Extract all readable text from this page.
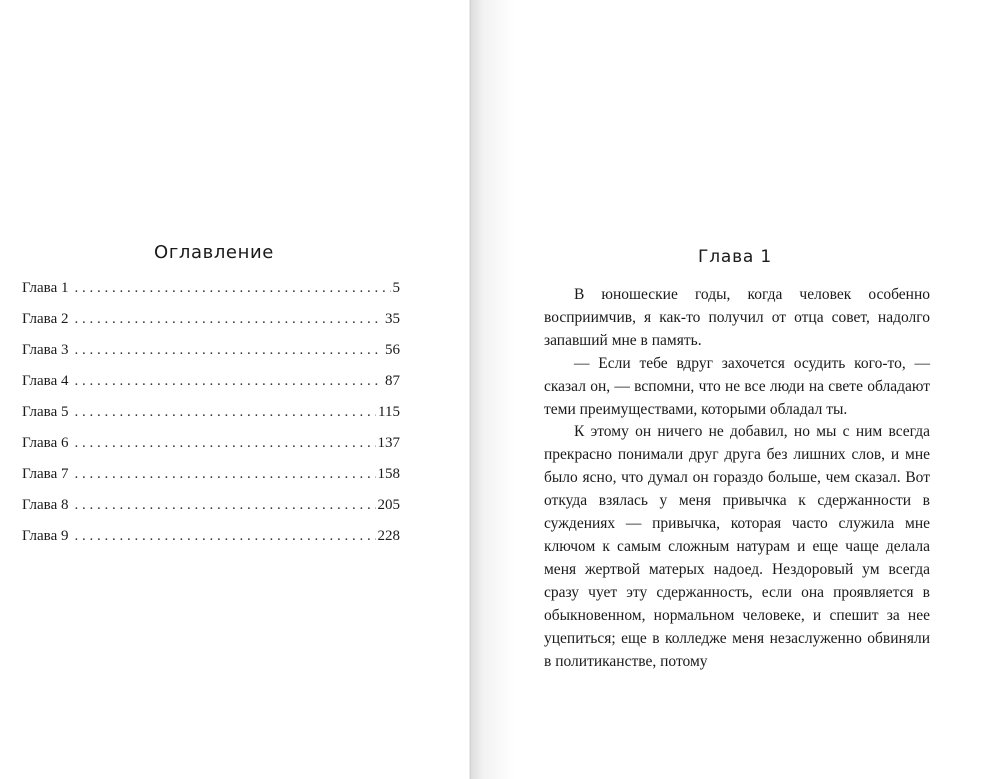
Оглавление
Глава 1 . . .	5
Глава 2 . . .	35
Глава 3 . . .	56
Глава 4 . . .	87
Глава 5 . . .	115
Глава 6 . . .	137
Глава 7 . . .	158
Глава 8 . . .	205
Глава 9 . . .	228
Глава 1

В юношеские годы, когда человек особенно восприимчив, я как-то получил от отца совет, надолго запавший мне в память.

— Если тебе вдруг захочется осудить кого-то, — сказал он, — вспомни, что не все люди на свете обладают теми преимуществами, которыми обладал ты.

К этому он ничего не добавил, но мы с ним всегда прекрасно понимали друг друга без лишних слов, и мне было ясно, что думал он гораздо больше, чем сказал. Вот откуда взялась у меня привычка к сдержанности в суждениях — привычка, которая часто служила мне ключом к самым сложным натурам и еще чаще делала меня жертвой матерых надоед. Нездоровый ум всегда сразу чует эту сдержанность, если она проявляется в обыкновенном, нормальном человеке, и спешит за нее уцепиться; еще в колледже меня незаслуженно обвиняли в политиканстве, потому
